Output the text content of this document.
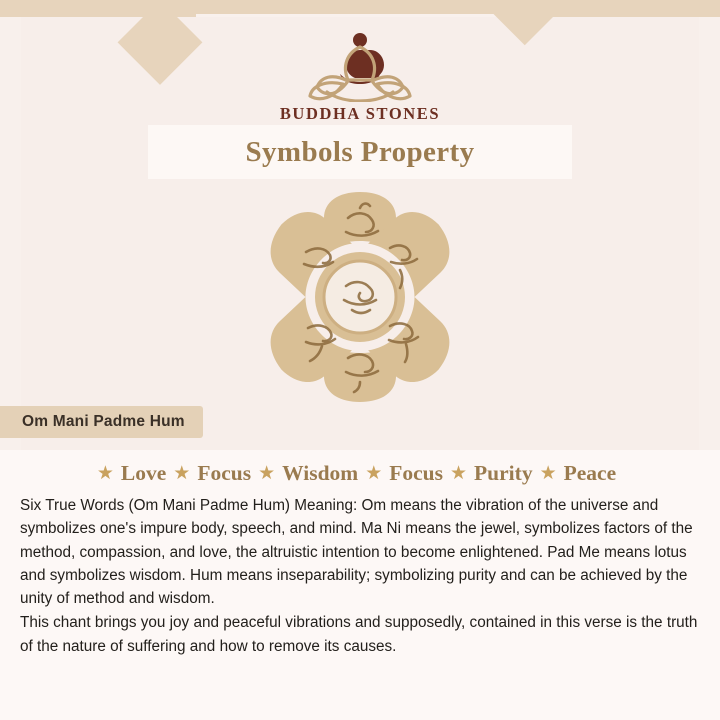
BUDDHA STONES
Symbols Property
Om Mani Padme Hum
★ Love ★ Focus ★ Wisdom ★ Focus ★ Purity ★ Peace

Six True Words (Om Mani Padme Hum) Meaning: Om means the vibration of the universe and symbolizes one's impure body, speech, and mind. Ma Ni means the jewel, symbolizes factors of the method, compassion, and love, the altruistic intention to become enlightened. Pad Me means lotus and symbolizes wisdom. Hum means inseparability; symbolizing purity and can be achieved by the unity of method and wisdom.

This chant brings you joy and peaceful vibrations and supposedly, contained in this verse is the truth of the nature of suffering and how to remove its causes.
